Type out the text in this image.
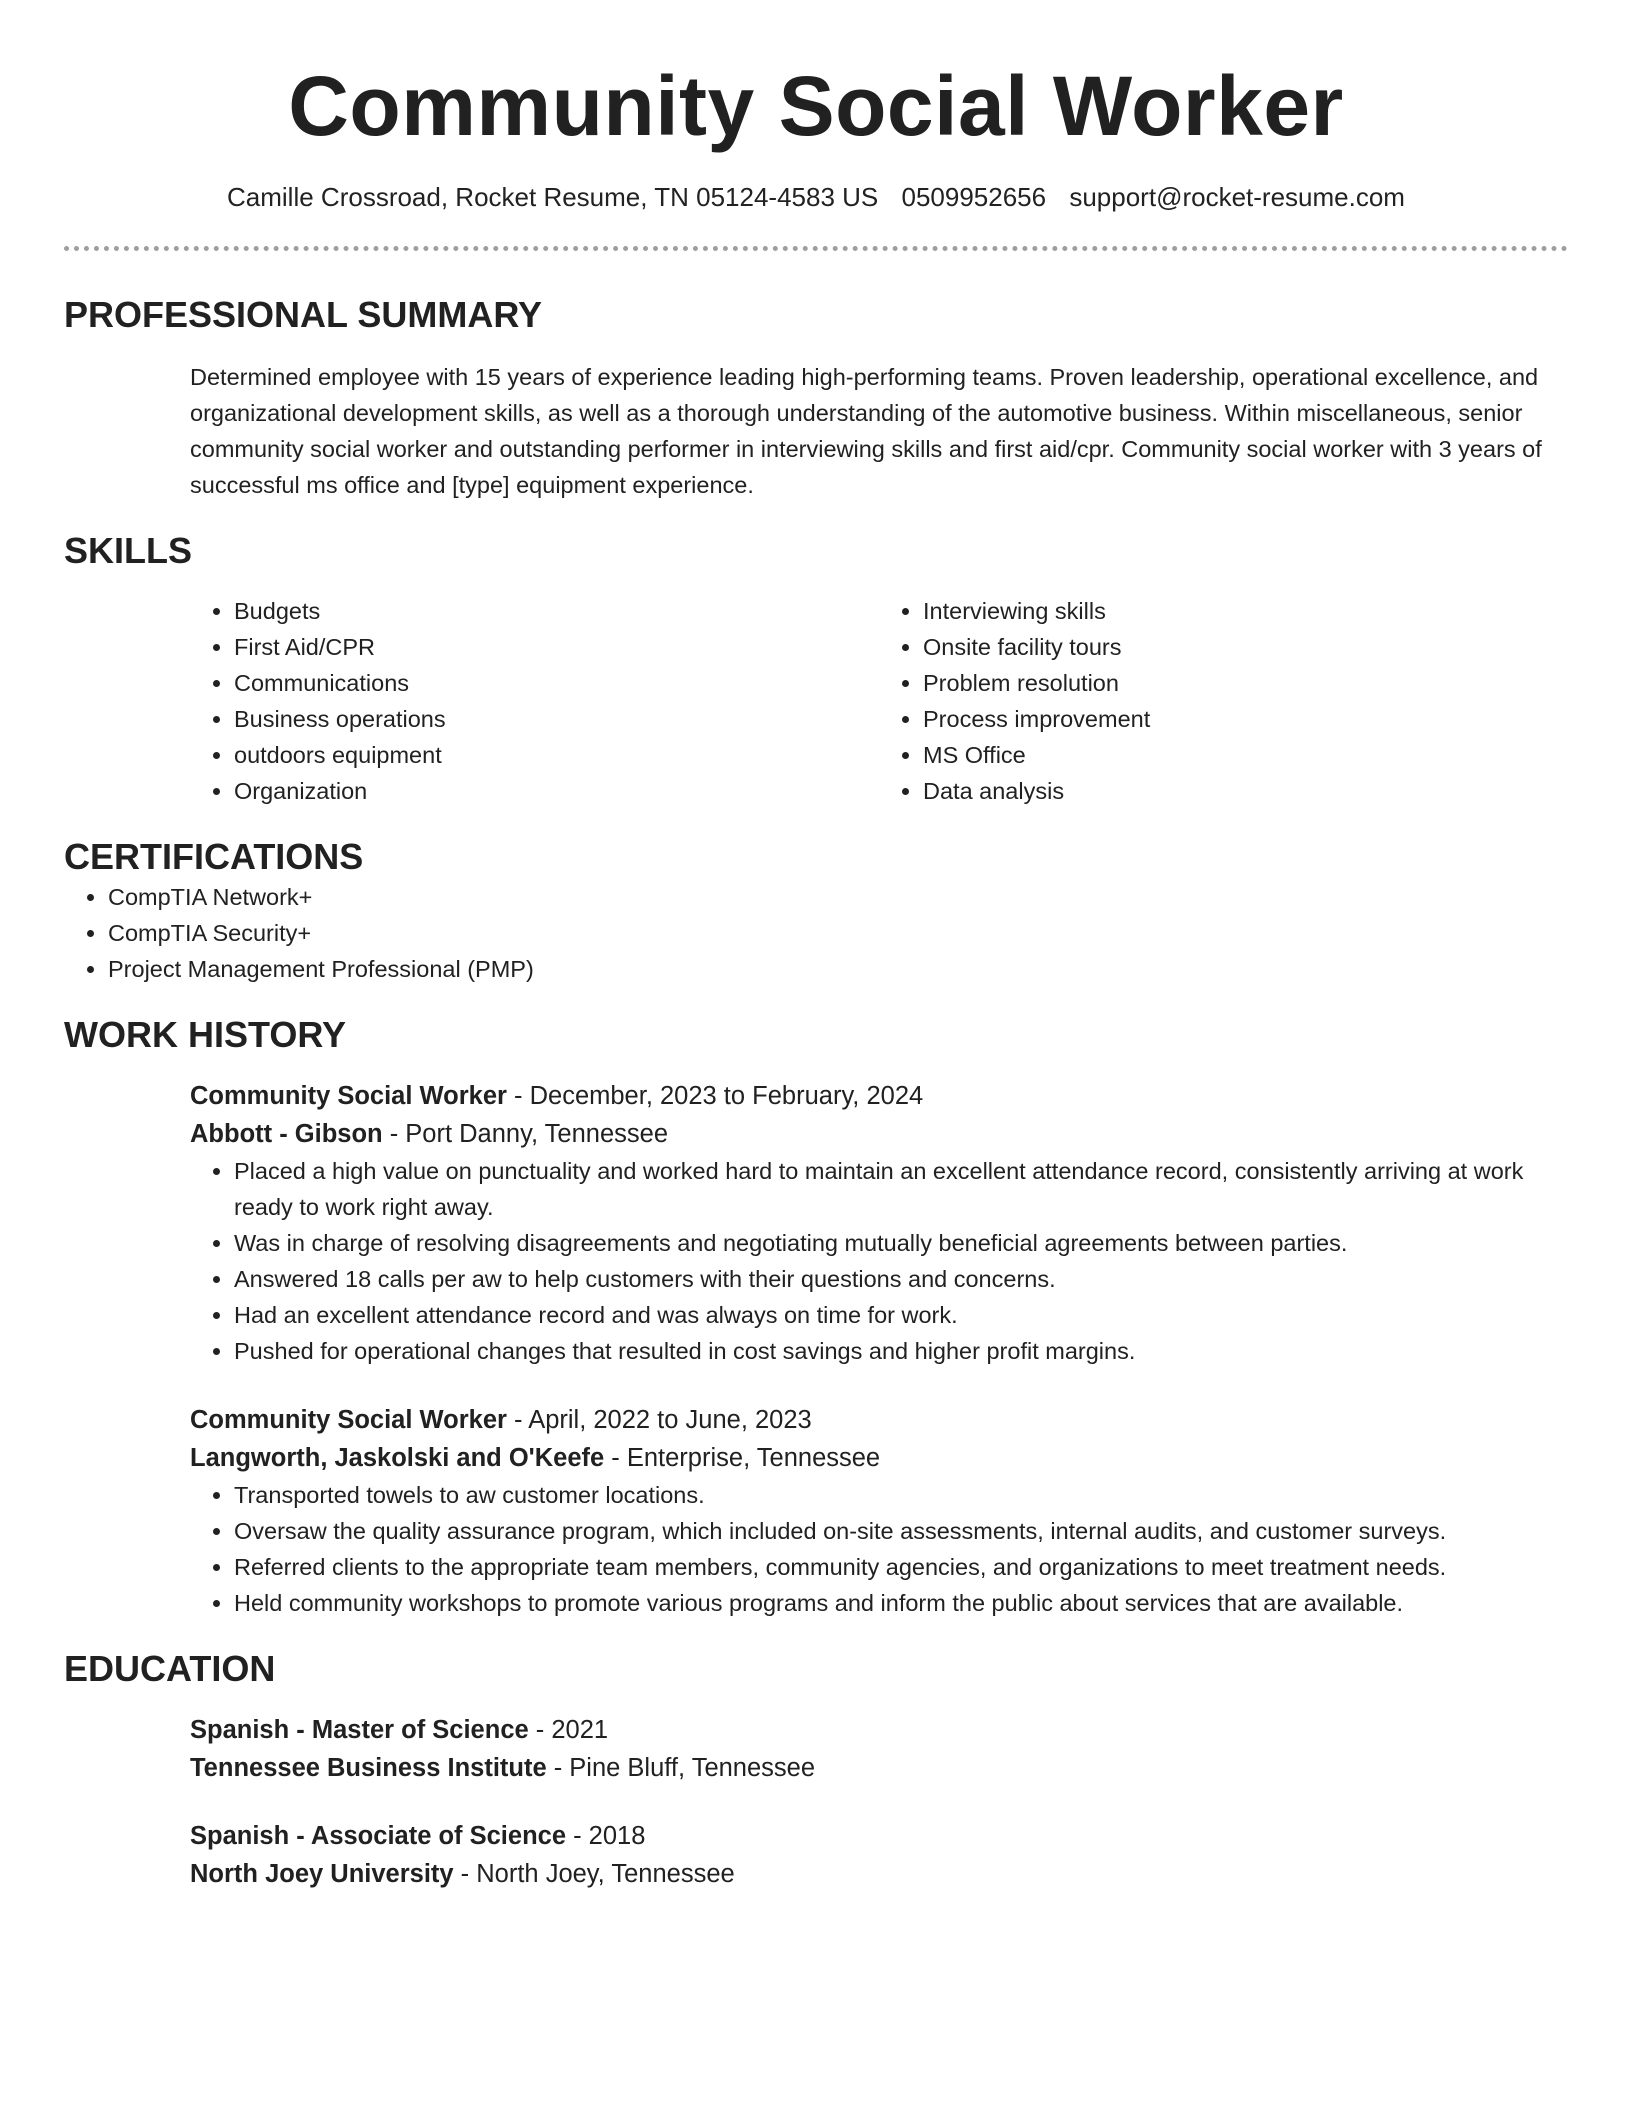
Community Social Worker
Camille Crossroad, Rocket Resume, TN 05124-4583 US 0509952656 support@rocket-resume.com
PROFESSIONAL SUMMARY

Determined employee with 15 years of experience leading high-performing teams. Proven leadership, operational excellence, and organizational development skills, as well as a thorough understanding of the automotive business. Within miscellaneous, senior community social worker and outstanding performer in interviewing skills and first aid/cpr. Community social worker with 3 years of successful ms office and [type] equipment experience.

SKILLS
• Budgets
• First Aid/CPR
• Communications
• Business operations
• outdoors equipment
• Organization
• Interviewing skills
• Onsite facility tours
• Problem resolution
• Process improvement
• MS Office
• Data analysis
CERTIFICATIONS
• CompTIA Network+
• CompTIA Security+
• Project Management Professional (PMP)
WORK HISTORY
Community Social Worker - December, 2023 to February, 2024
Abbott - Gibson - Port Danny, Tennessee
• Placed a high value on punctuality and worked hard to maintain an excellent attendance record, consistently arriving at work ready to work right away.
• Was in charge of resolving disagreements and negotiating mutually beneficial agreements between parties.
• Answered 18 calls per aw to help customers with their questions and concerns.
• Had an excellent attendance record and was always on time for work.
• Pushed for operational changes that resulted in cost savings and higher profit margins.
Community Social Worker - April, 2022 to June, 2023
Langworth, Jaskolski and O'Keefe - Enterprise, Tennessee
• Transported towels to aw customer locations.
• Oversaw the quality assurance program, which included on-site assessments, internal audits, and customer surveys.
• Referred clients to the appropriate team members, community agencies, and organizations to meet treatment needs.
• Held community workshops to promote various programs and inform the public about services that are available.
EDUCATION
Spanish - Master of Science - 2021
Tennessee Business Institute - Pine Bluff, Tennessee
Spanish - Associate of Science - 2018
North Joey University - North Joey, Tennessee
